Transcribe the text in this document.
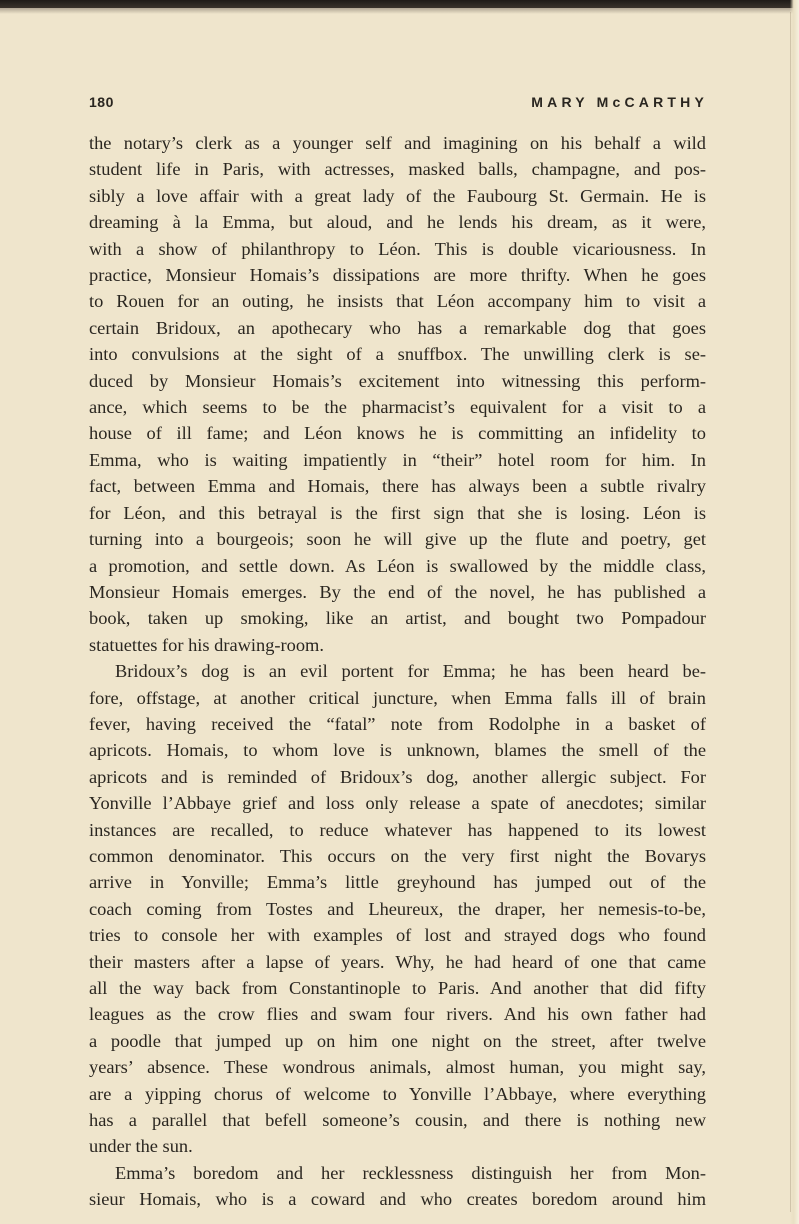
180	MARY McCARTHY
the notary’s clerk as a younger self and imagining on his behalf a wild
student life in Paris, with actresses, masked balls, champagne, and pos-
sibly a love affair with a great lady of the Faubourg St. Germain. He is
dreaming à la Emma, but aloud, and he lends his dream, as it were,
with a show of philanthropy to Léon. This is double vicariousness. In
practice, Monsieur Homais’s dissipations are more thrifty. When he goes
to Rouen for an outing, he insists that Léon accompany him to visit a
certain Bridoux, an apothecary who has a remarkable dog that goes
into convulsions at the sight of a snuffbox. The unwilling clerk is se-
duced by Monsieur Homais’s excitement into witnessing this perform-
ance, which seems to be the pharmacist’s equivalent for a visit to a
house of ill fame; and Léon knows he is committing an infidelity to
Emma, who is waiting impatiently in “their” hotel room for him. In
fact, between Emma and Homais, there has always been a subtle rivalry
for Léon, and this betrayal is the first sign that she is losing. Léon is
turning into a bourgeois; soon he will give up the flute and poetry, get
a promotion, and settle down. As Léon is swallowed by the middle class,
Monsieur Homais emerges. By the end of the novel, he has published a
book, taken up smoking, like an artist, and bought two Pompadour
statuettes for his drawing-room.
Bridoux’s dog is an evil portent for Emma; he has been heard be-
fore, offstage, at another critical juncture, when Emma falls ill of brain
fever, having received the “fatal” note from Rodolphe in a basket of
apricots. Homais, to whom love is unknown, blames the smell of the
apricots and is reminded of Bridoux’s dog, another allergic subject. For
Yonville l’Abbaye grief and loss only release a spate of anecdotes; similar
instances are recalled, to reduce whatever has happened to its lowest
common denominator. This occurs on the very first night the Bovarys
arrive in Yonville; Emma’s little greyhound has jumped out of the
coach coming from Tostes and Lheureux, the draper, her nemesis-to-be,
tries to console her with examples of lost and strayed dogs who found
their masters after a lapse of years. Why, he had heard of one that came
all the way back from Constantinople to Paris. And another that did fifty
leagues as the crow flies and swam four rivers. And his own father had
a poodle that jumped up on him one night on the street, after twelve
years’ absence. These wondrous animals, almost human, you might say,
are a yipping chorus of welcome to Yonville l’Abbaye, where everything
has a parallel that befell someone’s cousin, and there is nothing new
under the sun.
Emma’s boredom and her recklessness distinguish her from Mon-
sieur Homais, who is a coward and who creates boredom around him
